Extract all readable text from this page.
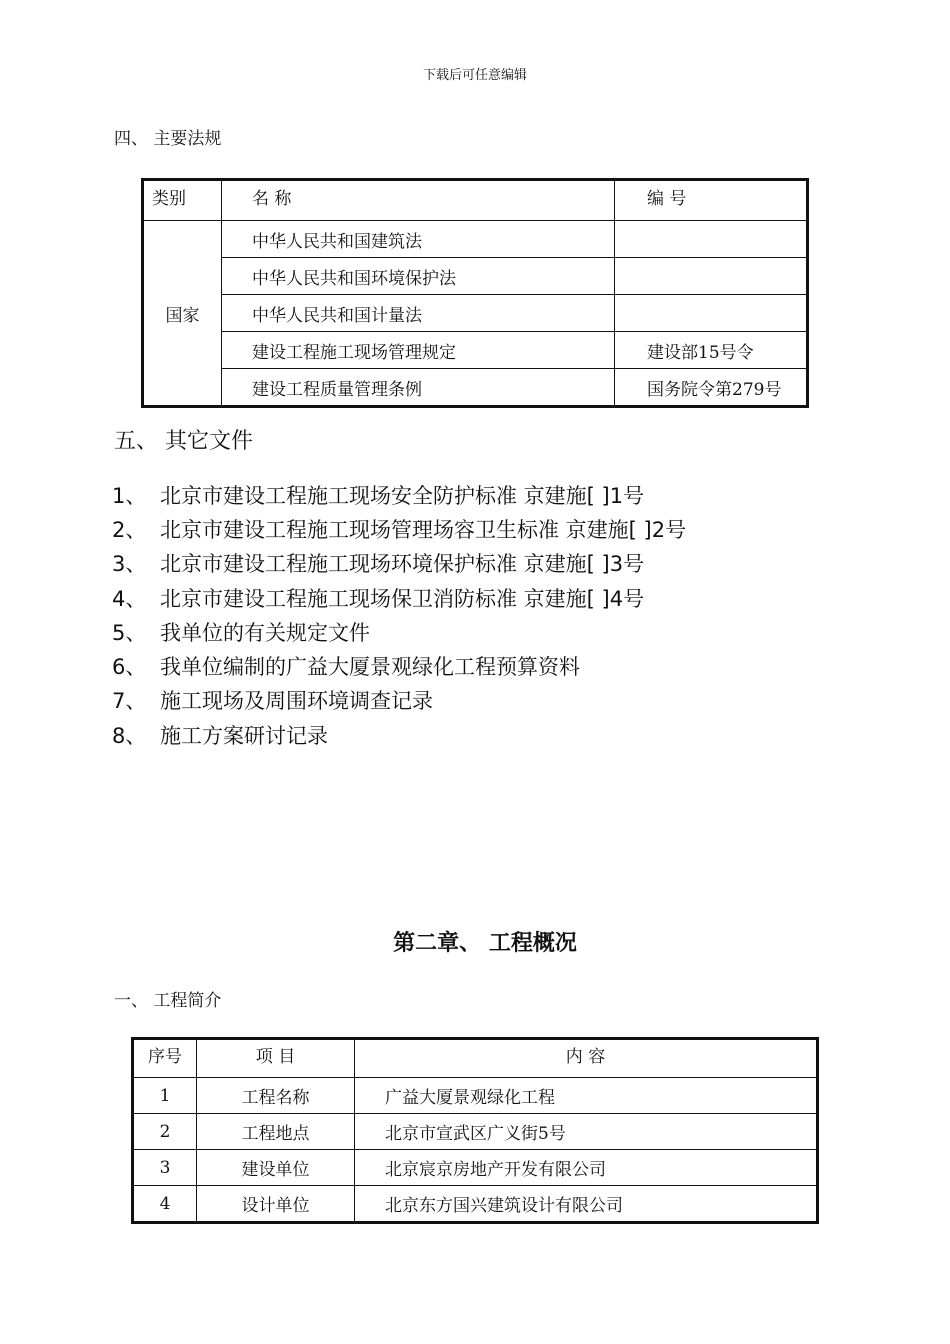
下载后可任意编辑
四、 主要法规
类别	名 称	编 号
国家	中华人民共和国建筑法	
	中华人民共和国环境保护法	
	中华人民共和国计量法	
	建设工程施工现场管理规定	建设部15号令
	建设工程质量管理条例	国务院令第279号
五、 其它文件
1、 北京市建设工程施工现场安全防护标准 京建施[ ]1号
2、 北京市建设工程施工现场管理场容卫生标准 京建施[ ]2号
3、 北京市建设工程施工现场环境保护标准 京建施[ ]3号
4、 北京市建设工程施工现场保卫消防标准 京建施[ ]4号
5、 我单位的有关规定文件
6、 我单位编制的广益大厦景观绿化工程预算资料
7、 施工现场及周围环境调查记录
8、 施工方案研讨记录
第二章、 工程概况
一、 工程简介
序号	项 目	内 容
1	工程名称	广益大厦景观绿化工程
2	工程地点	北京市宣武区广义街5号
3	建设单位	北京宸京房地产开发有限公司
4	设计单位	北京东方国兴建筑设计有限公司
